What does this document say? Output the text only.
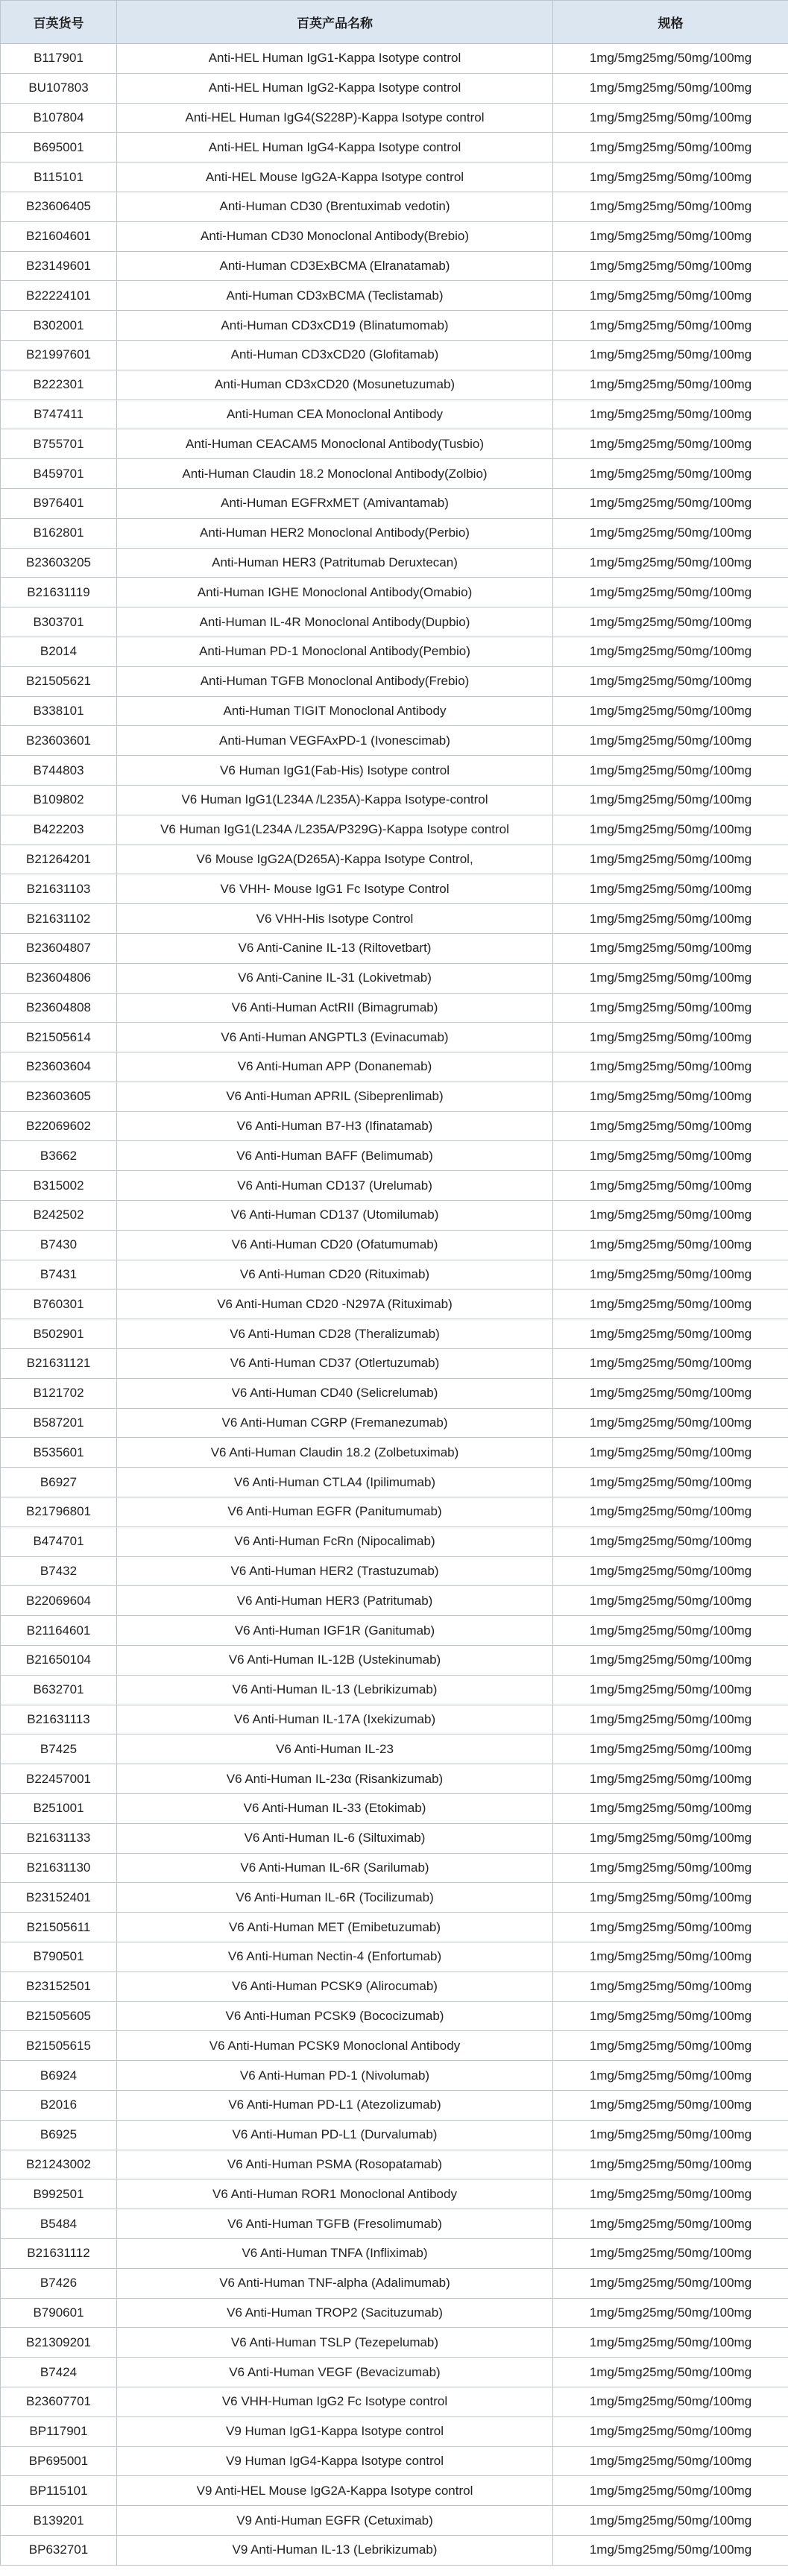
百英货号	百英产品名称	规格
B117901	Anti-HEL Human IgG1-Kappa Isotype control	1mg/5mg25mg/50mg/100mg
BU107803	Anti-HEL Human IgG2-Kappa Isotype control	1mg/5mg25mg/50mg/100mg
B107804	Anti-HEL Human IgG4(S228P)-Kappa Isotype control	1mg/5mg25mg/50mg/100mg
B695001	Anti-HEL Human IgG4-Kappa Isotype control	1mg/5mg25mg/50mg/100mg
B115101	Anti-HEL Mouse IgG2A-Kappa Isotype control	1mg/5mg25mg/50mg/100mg
B23606405	Anti-Human CD30 (Brentuximab vedotin)	1mg/5mg25mg/50mg/100mg
B21604601	Anti-Human CD30 Monoclonal Antibody(Brebio)	1mg/5mg25mg/50mg/100mg
B23149601	Anti-Human CD3ExBCMA (Elranatamab)	1mg/5mg25mg/50mg/100mg
B22224101	Anti-Human CD3xBCMA (Teclistamab)	1mg/5mg25mg/50mg/100mg
B302001	Anti-Human CD3xCD19 (Blinatumomab)	1mg/5mg25mg/50mg/100mg
B21997601	Anti-Human CD3xCD20 (Glofitamab)	1mg/5mg25mg/50mg/100mg
B222301	Anti-Human CD3xCD20 (Mosunetuzumab)	1mg/5mg25mg/50mg/100mg
B747411	Anti-Human CEA Monoclonal Antibody	1mg/5mg25mg/50mg/100mg
B755701	Anti-Human CEACAM5 Monoclonal Antibody(Tusbio)	1mg/5mg25mg/50mg/100mg
B459701	Anti-Human Claudin 18.2 Monoclonal Antibody(Zolbio)	1mg/5mg25mg/50mg/100mg
B976401	Anti-Human EGFRxMET (Amivantamab)	1mg/5mg25mg/50mg/100mg
B162801	Anti-Human HER2 Monoclonal Antibody(Perbio)	1mg/5mg25mg/50mg/100mg
B23603205	Anti-Human HER3 (Patritumab Deruxtecan)	1mg/5mg25mg/50mg/100mg
B21631119	Anti-Human IGHE Monoclonal Antibody(Omabio)	1mg/5mg25mg/50mg/100mg
B303701	Anti-Human IL-4R Monoclonal Antibody(Dupbio)	1mg/5mg25mg/50mg/100mg
B2014	Anti-Human PD-1 Monoclonal Antibody(Pembio)	1mg/5mg25mg/50mg/100mg
B21505621	Anti-Human TGFB Monoclonal Antibody(Frebio)	1mg/5mg25mg/50mg/100mg
B338101	Anti-Human TIGIT Monoclonal Antibody	1mg/5mg25mg/50mg/100mg
B23603601	Anti-Human VEGFAxPD-1 (Ivonescimab)	1mg/5mg25mg/50mg/100mg
B744803	V6 Human IgG1(Fab-His) Isotype control	1mg/5mg25mg/50mg/100mg
B109802	V6 Human IgG1(L234A /L235A)-Kappa Isotype-control	1mg/5mg25mg/50mg/100mg
B422203	V6 Human IgG1(L234A /L235A/P329G)-Kappa Isotype control	1mg/5mg25mg/50mg/100mg
B21264201	V6 Mouse IgG2A(D265A)-Kappa Isotype Control,	1mg/5mg25mg/50mg/100mg
B21631103	V6 VHH- Mouse IgG1 Fc Isotype Control	1mg/5mg25mg/50mg/100mg
B21631102	V6 VHH-His Isotype Control	1mg/5mg25mg/50mg/100mg
B23604807	V6 Anti-Canine IL-13 (Riltovetbart)	1mg/5mg25mg/50mg/100mg
B23604806	V6 Anti-Canine IL-31 (Lokivetmab)	1mg/5mg25mg/50mg/100mg
B23604808	V6 Anti-Human ActRII (Bimagrumab)	1mg/5mg25mg/50mg/100mg
B21505614	V6 Anti-Human ANGPTL3 (Evinacumab)	1mg/5mg25mg/50mg/100mg
B23603604	V6 Anti-Human APP (Donanemab)	1mg/5mg25mg/50mg/100mg
B23603605	V6 Anti-Human APRIL (Sibeprenlimab)	1mg/5mg25mg/50mg/100mg
B22069602	V6 Anti-Human B7-H3 (Ifinatamab)	1mg/5mg25mg/50mg/100mg
B3662	V6 Anti-Human BAFF (Belimumab)	1mg/5mg25mg/50mg/100mg
B315002	V6 Anti-Human CD137 (Urelumab)	1mg/5mg25mg/50mg/100mg
B242502	V6 Anti-Human CD137 (Utomilumab)	1mg/5mg25mg/50mg/100mg
B7430	V6 Anti-Human CD20 (Ofatumumab)	1mg/5mg25mg/50mg/100mg
B7431	V6 Anti-Human CD20 (Rituximab)	1mg/5mg25mg/50mg/100mg
B760301	V6 Anti-Human CD20 -N297A (Rituximab)	1mg/5mg25mg/50mg/100mg
B502901	V6 Anti-Human CD28 (Theralizumab)	1mg/5mg25mg/50mg/100mg
B21631121	V6 Anti-Human CD37 (Otlertuzumab)	1mg/5mg25mg/50mg/100mg
B121702	V6 Anti-Human CD40 (Selicrelumab)	1mg/5mg25mg/50mg/100mg
B587201	V6 Anti-Human CGRP (Fremanezumab)	1mg/5mg25mg/50mg/100mg
B535601	V6 Anti-Human Claudin 18.2 (Zolbetuximab)	1mg/5mg25mg/50mg/100mg
B6927	V6 Anti-Human CTLA4 (Ipilimumab)	1mg/5mg25mg/50mg/100mg
B21796801	V6 Anti-Human EGFR (Panitumumab)	1mg/5mg25mg/50mg/100mg
B474701	V6 Anti-Human FcRn (Nipocalimab)	1mg/5mg25mg/50mg/100mg
B7432	V6 Anti-Human HER2 (Trastuzumab)	1mg/5mg25mg/50mg/100mg
B22069604	V6 Anti-Human HER3 (Patritumab)	1mg/5mg25mg/50mg/100mg
B21164601	V6 Anti-Human IGF1R (Ganitumab)	1mg/5mg25mg/50mg/100mg
B21650104	V6 Anti-Human IL-12B (Ustekinumab)	1mg/5mg25mg/50mg/100mg
B632701	V6 Anti-Human IL-13 (Lebrikizumab)	1mg/5mg25mg/50mg/100mg
B21631113	V6 Anti-Human IL-17A (Ixekizumab)	1mg/5mg25mg/50mg/100mg
B7425	V6 Anti-Human IL-23	1mg/5mg25mg/50mg/100mg
B22457001	V6 Anti-Human IL-23α (Risankizumab)	1mg/5mg25mg/50mg/100mg
B251001	V6 Anti-Human IL-33 (Etokimab)	1mg/5mg25mg/50mg/100mg
B21631133	V6 Anti-Human IL-6 (Siltuximab)	1mg/5mg25mg/50mg/100mg
B21631130	V6 Anti-Human IL-6R (Sarilumab)	1mg/5mg25mg/50mg/100mg
B23152401	V6 Anti-Human IL-6R (Tocilizumab)	1mg/5mg25mg/50mg/100mg
B21505611	V6 Anti-Human MET (Emibetuzumab)	1mg/5mg25mg/50mg/100mg
B790501	V6 Anti-Human Nectin-4 (Enfortumab)	1mg/5mg25mg/50mg/100mg
B23152501	V6 Anti-Human PCSK9 (Alirocumab)	1mg/5mg25mg/50mg/100mg
B21505605	V6 Anti-Human PCSK9 (Bococizumab)	1mg/5mg25mg/50mg/100mg
B21505615	V6 Anti-Human PCSK9 Monoclonal Antibody	1mg/5mg25mg/50mg/100mg
B6924	V6 Anti-Human PD-1 (Nivolumab)	1mg/5mg25mg/50mg/100mg
B2016	V6 Anti-Human PD-L1 (Atezolizumab)	1mg/5mg25mg/50mg/100mg
B6925	V6 Anti-Human PD-L1 (Durvalumab)	1mg/5mg25mg/50mg/100mg
B21243002	V6 Anti-Human PSMA (Rosopatamab)	1mg/5mg25mg/50mg/100mg
B992501	V6 Anti-Human ROR1 Monoclonal Antibody	1mg/5mg25mg/50mg/100mg
B5484	V6 Anti-Human TGFB (Fresolimumab)	1mg/5mg25mg/50mg/100mg
B21631112	V6 Anti-Human TNFA (Infliximab)	1mg/5mg25mg/50mg/100mg
B7426	V6 Anti-Human TNF-alpha (Adalimumab)	1mg/5mg25mg/50mg/100mg
B790601	V6 Anti-Human TROP2 (Sacituzumab)	1mg/5mg25mg/50mg/100mg
B21309201	V6 Anti-Human TSLP (Tezepelumab)	1mg/5mg25mg/50mg/100mg
B7424	V6 Anti-Human VEGF (Bevacizumab)	1mg/5mg25mg/50mg/100mg
B23607701	V6 VHH-Human IgG2 Fc Isotype control	1mg/5mg25mg/50mg/100mg
BP117901	V9 Human IgG1-Kappa Isotype control	1mg/5mg25mg/50mg/100mg
BP695001	V9 Human IgG4-Kappa Isotype control	1mg/5mg25mg/50mg/100mg
BP115101	V9 Anti-HEL Mouse IgG2A-Kappa Isotype control	1mg/5mg25mg/50mg/100mg
B139201	V9 Anti-Human EGFR (Cetuximab)	1mg/5mg25mg/50mg/100mg
BP632701	V9 Anti-Human IL-13 (Lebrikizumab)	1mg/5mg25mg/50mg/100mg
